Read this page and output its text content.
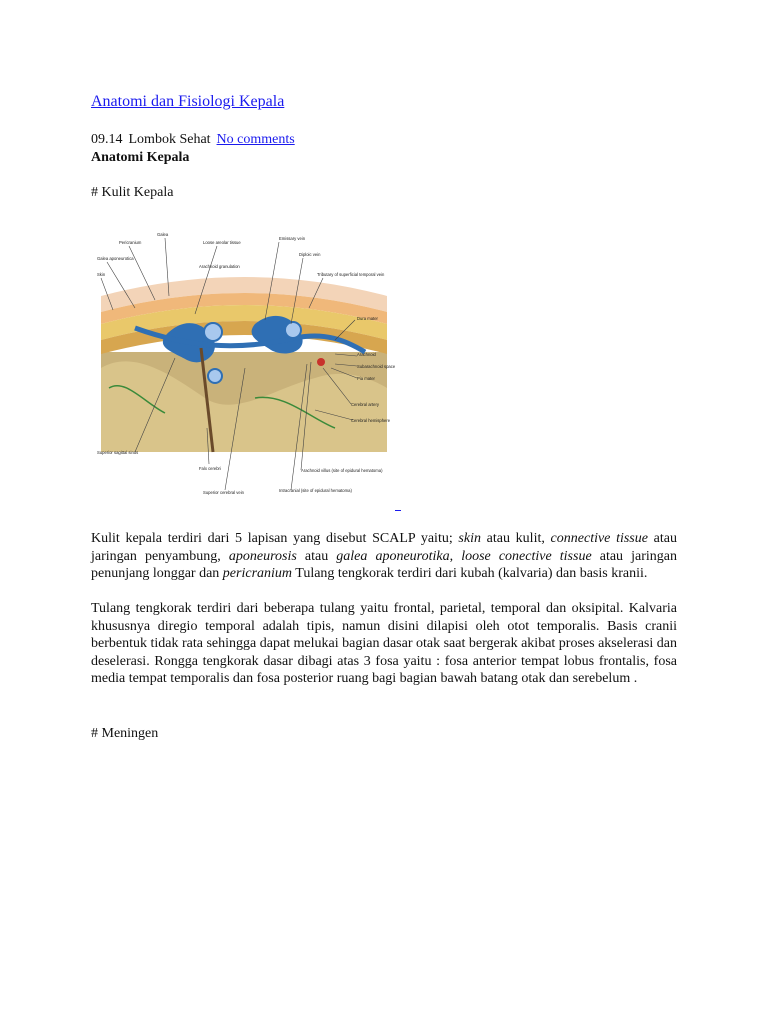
Anatomi dan Fisiologi Kepala
09.14 Lombok Sehat No comments
Anatomi Kepala
# Kulit Kepala
Galea
Pericranium
Galea aponeurotica
Skin
Loose areolar tissue
Arachnoid granulation
Emissary vein
Diploic vein
Tributary of superficial temporal vein
Dura mater
Arachnoid
Subarachnoid space
Pia mater
Cerebral artery
Cerebral hemisphere
Superior sagittal sinus
Falx cerebri
Superior cerebral vein
Arachnoid villus (site of epidural hematoma)
Intracranial (site of epidural hematoma)
Kulit kepala terdiri dari 5 lapisan yang disebut SCALP yaitu; skin atau kulit, connective tissue atau jaringan penyambung, aponeurosis atau galea aponeurotika, loose conective tissue atau jaringan penunjang longgar dan pericranium Tulang tengkorak terdiri dari kubah (kalvaria) dan basis kranii.
Tulang tengkorak terdiri dari beberapa tulang yaitu frontal, parietal, temporal dan oksipital. Kalvaria khususnya diregio temporal adalah tipis, namun disini dilapisi oleh otot temporalis. Basis cranii berbentuk tidak rata sehingga dapat melukai bagian dasar otak saat bergerak akibat proses akselerasi dan deselerasi. Rongga tengkorak dasar dibagi atas 3 fosa yaitu : fosa anterior tempat lobus frontalis, fosa media tempat temporalis dan fosa posterior ruang bagi bagian bawah batang otak dan serebelum .
# Meningen
